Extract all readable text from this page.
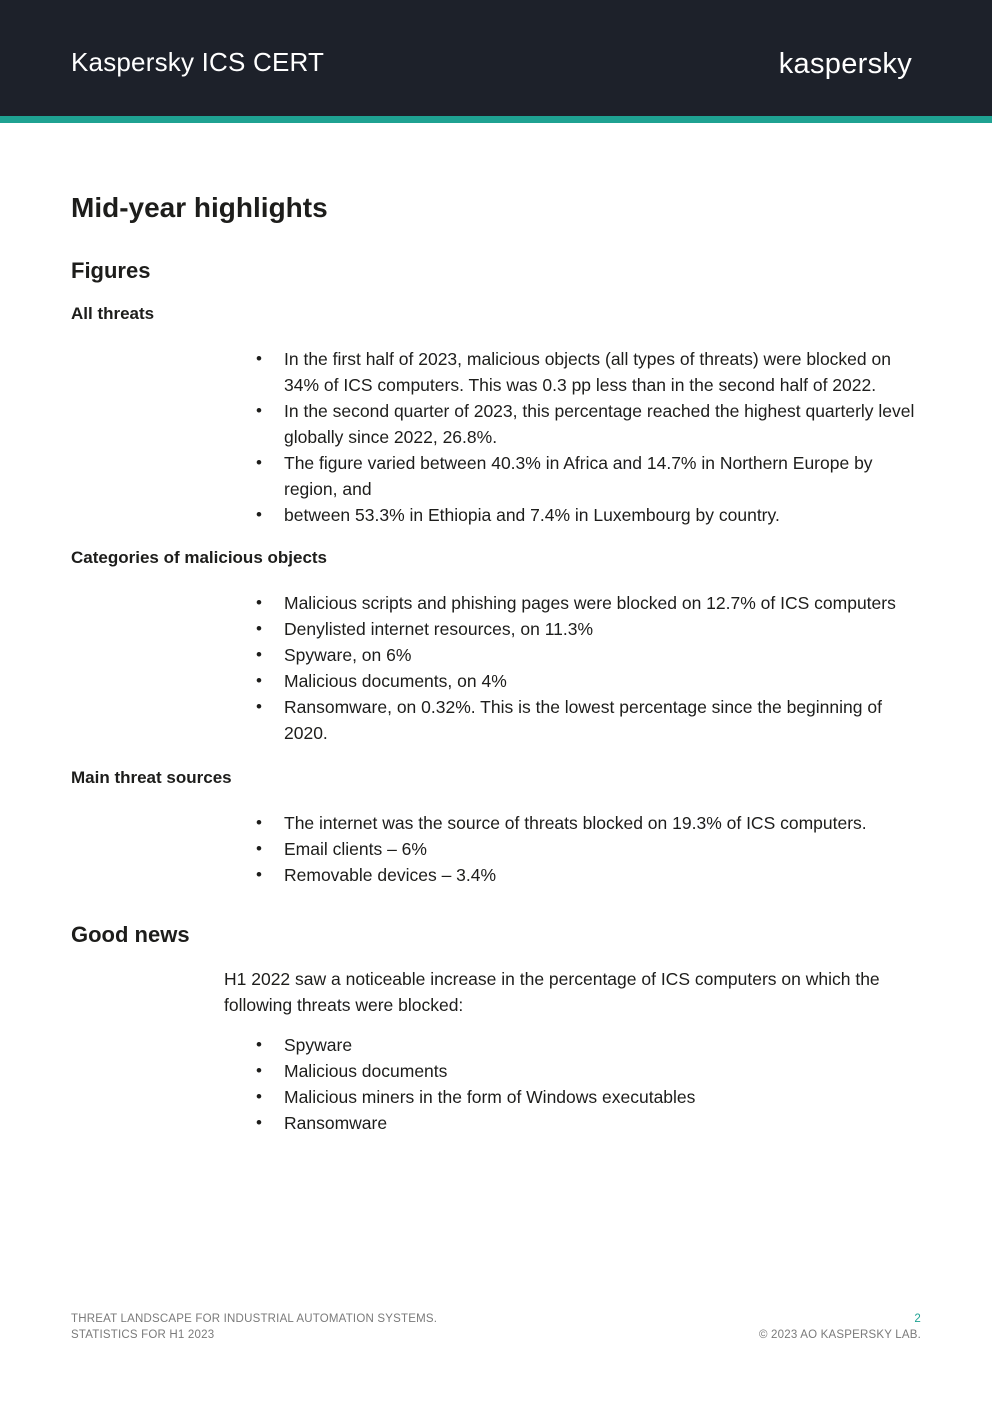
Kaspersky ICS CERT	kaspersky
Mid-year highlights
Figures
All threats
• In the first half of 2023, malicious objects (all types of threats) were blocked on 34% of ICS computers. This was 0.3 pp less than in the second half of 2022.
• In the second quarter of 2023, this percentage reached the highest quarterly level globally since 2022, 26.8%.
• The figure varied between 40.3% in Africa and 14.7% in Northern Europe by region, and
• between 53.3% in Ethiopia and 7.4% in Luxembourg by country.
Categories of malicious objects
• Malicious scripts and phishing pages were blocked on 12.7% of ICS computers
• Denylisted internet resources, on 11.3%
• Spyware, on 6%
• Malicious documents, on 4%
• Ransomware, on 0.32%. This is the lowest percentage since the beginning of 2020.
Main threat sources
• The internet was the source of threats blocked on 19.3% of ICS computers.
• Email clients – 6%
• Removable devices – 3.4%
Good news

H1 2022 saw a noticeable increase in the percentage of ICS computers on which the following threats were blocked:

• Spyware
• Malicious documents
• Malicious miners in the form of Windows executables
• Ransomware
THREAT LANDSCAPE FOR INDUSTRIAL AUTOMATION SYSTEMS.
STATISTICS FOR H1 2023
2
© 2023 AO KASPERSKY LAB.
